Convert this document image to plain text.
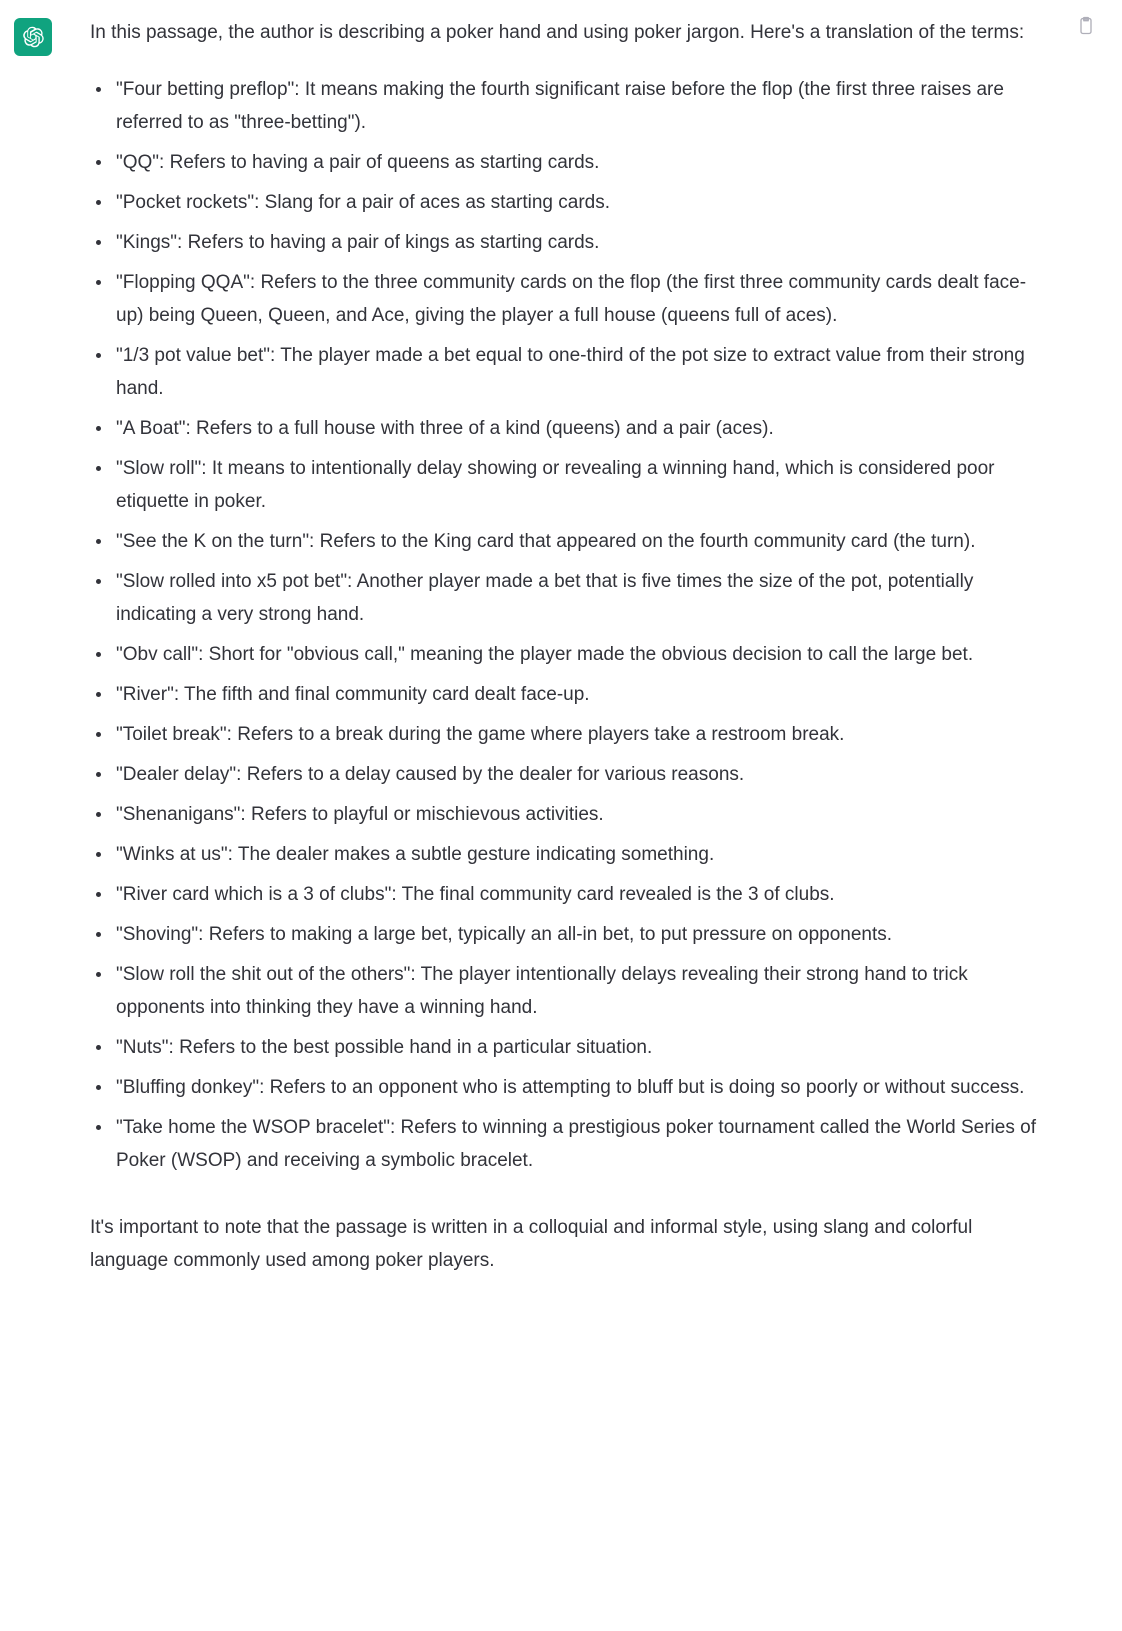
In this passage, the author is describing a poker hand and using poker jargon. Here's a translation of the terms:

"Four betting preflop": It means making the fourth significant raise before the flop (the first three raises are referred to as "three-betting").
"QQ": Refers to having a pair of queens as starting cards.
"Pocket rockets": Slang for a pair of aces as starting cards.
"Kings": Refers to having a pair of kings as starting cards.
"Flopping QQA": Refers to the three community cards on the flop (the first three community cards dealt face-up) being Queen, Queen, and Ace, giving the player a full house (queens full of aces).
"1/3 pot value bet": The player made a bet equal to one-third of the pot size to extract value from their strong hand.
"A Boat": Refers to a full house with three of a kind (queens) and a pair (aces).
"Slow roll": It means to intentionally delay showing or revealing a winning hand, which is considered poor etiquette in poker.
"See the K on the turn": Refers to the King card that appeared on the fourth community card (the turn).
"Slow rolled into x5 pot bet": Another player made a bet that is five times the size of the pot, potentially indicating a very strong hand.
"Obv call": Short for "obvious call," meaning the player made the obvious decision to call the large bet.
"River": The fifth and final community card dealt face-up.
"Toilet break": Refers to a break during the game where players take a restroom break.
"Dealer delay": Refers to a delay caused by the dealer for various reasons.
"Shenanigans": Refers to playful or mischievous activities.
"Winks at us": The dealer makes a subtle gesture indicating something.
"River card which is a 3 of clubs": The final community card revealed is the 3 of clubs.
"Shoving": Refers to making a large bet, typically an all-in bet, to put pressure on opponents.
"Slow roll the shit out of the others": The player intentionally delays revealing their strong hand to trick opponents into thinking they have a winning hand.
"Nuts": Refers to the best possible hand in a particular situation.
"Bluffing donkey": Refers to an opponent who is attempting to bluff but is doing so poorly or without success.
"Take home the WSOP bracelet": Refers to winning a prestigious poker tournament called the World Series of Poker (WSOP) and receiving a symbolic bracelet.

It's important to note that the passage is written in a colloquial and informal style, using slang and colorful language commonly used among poker players.
